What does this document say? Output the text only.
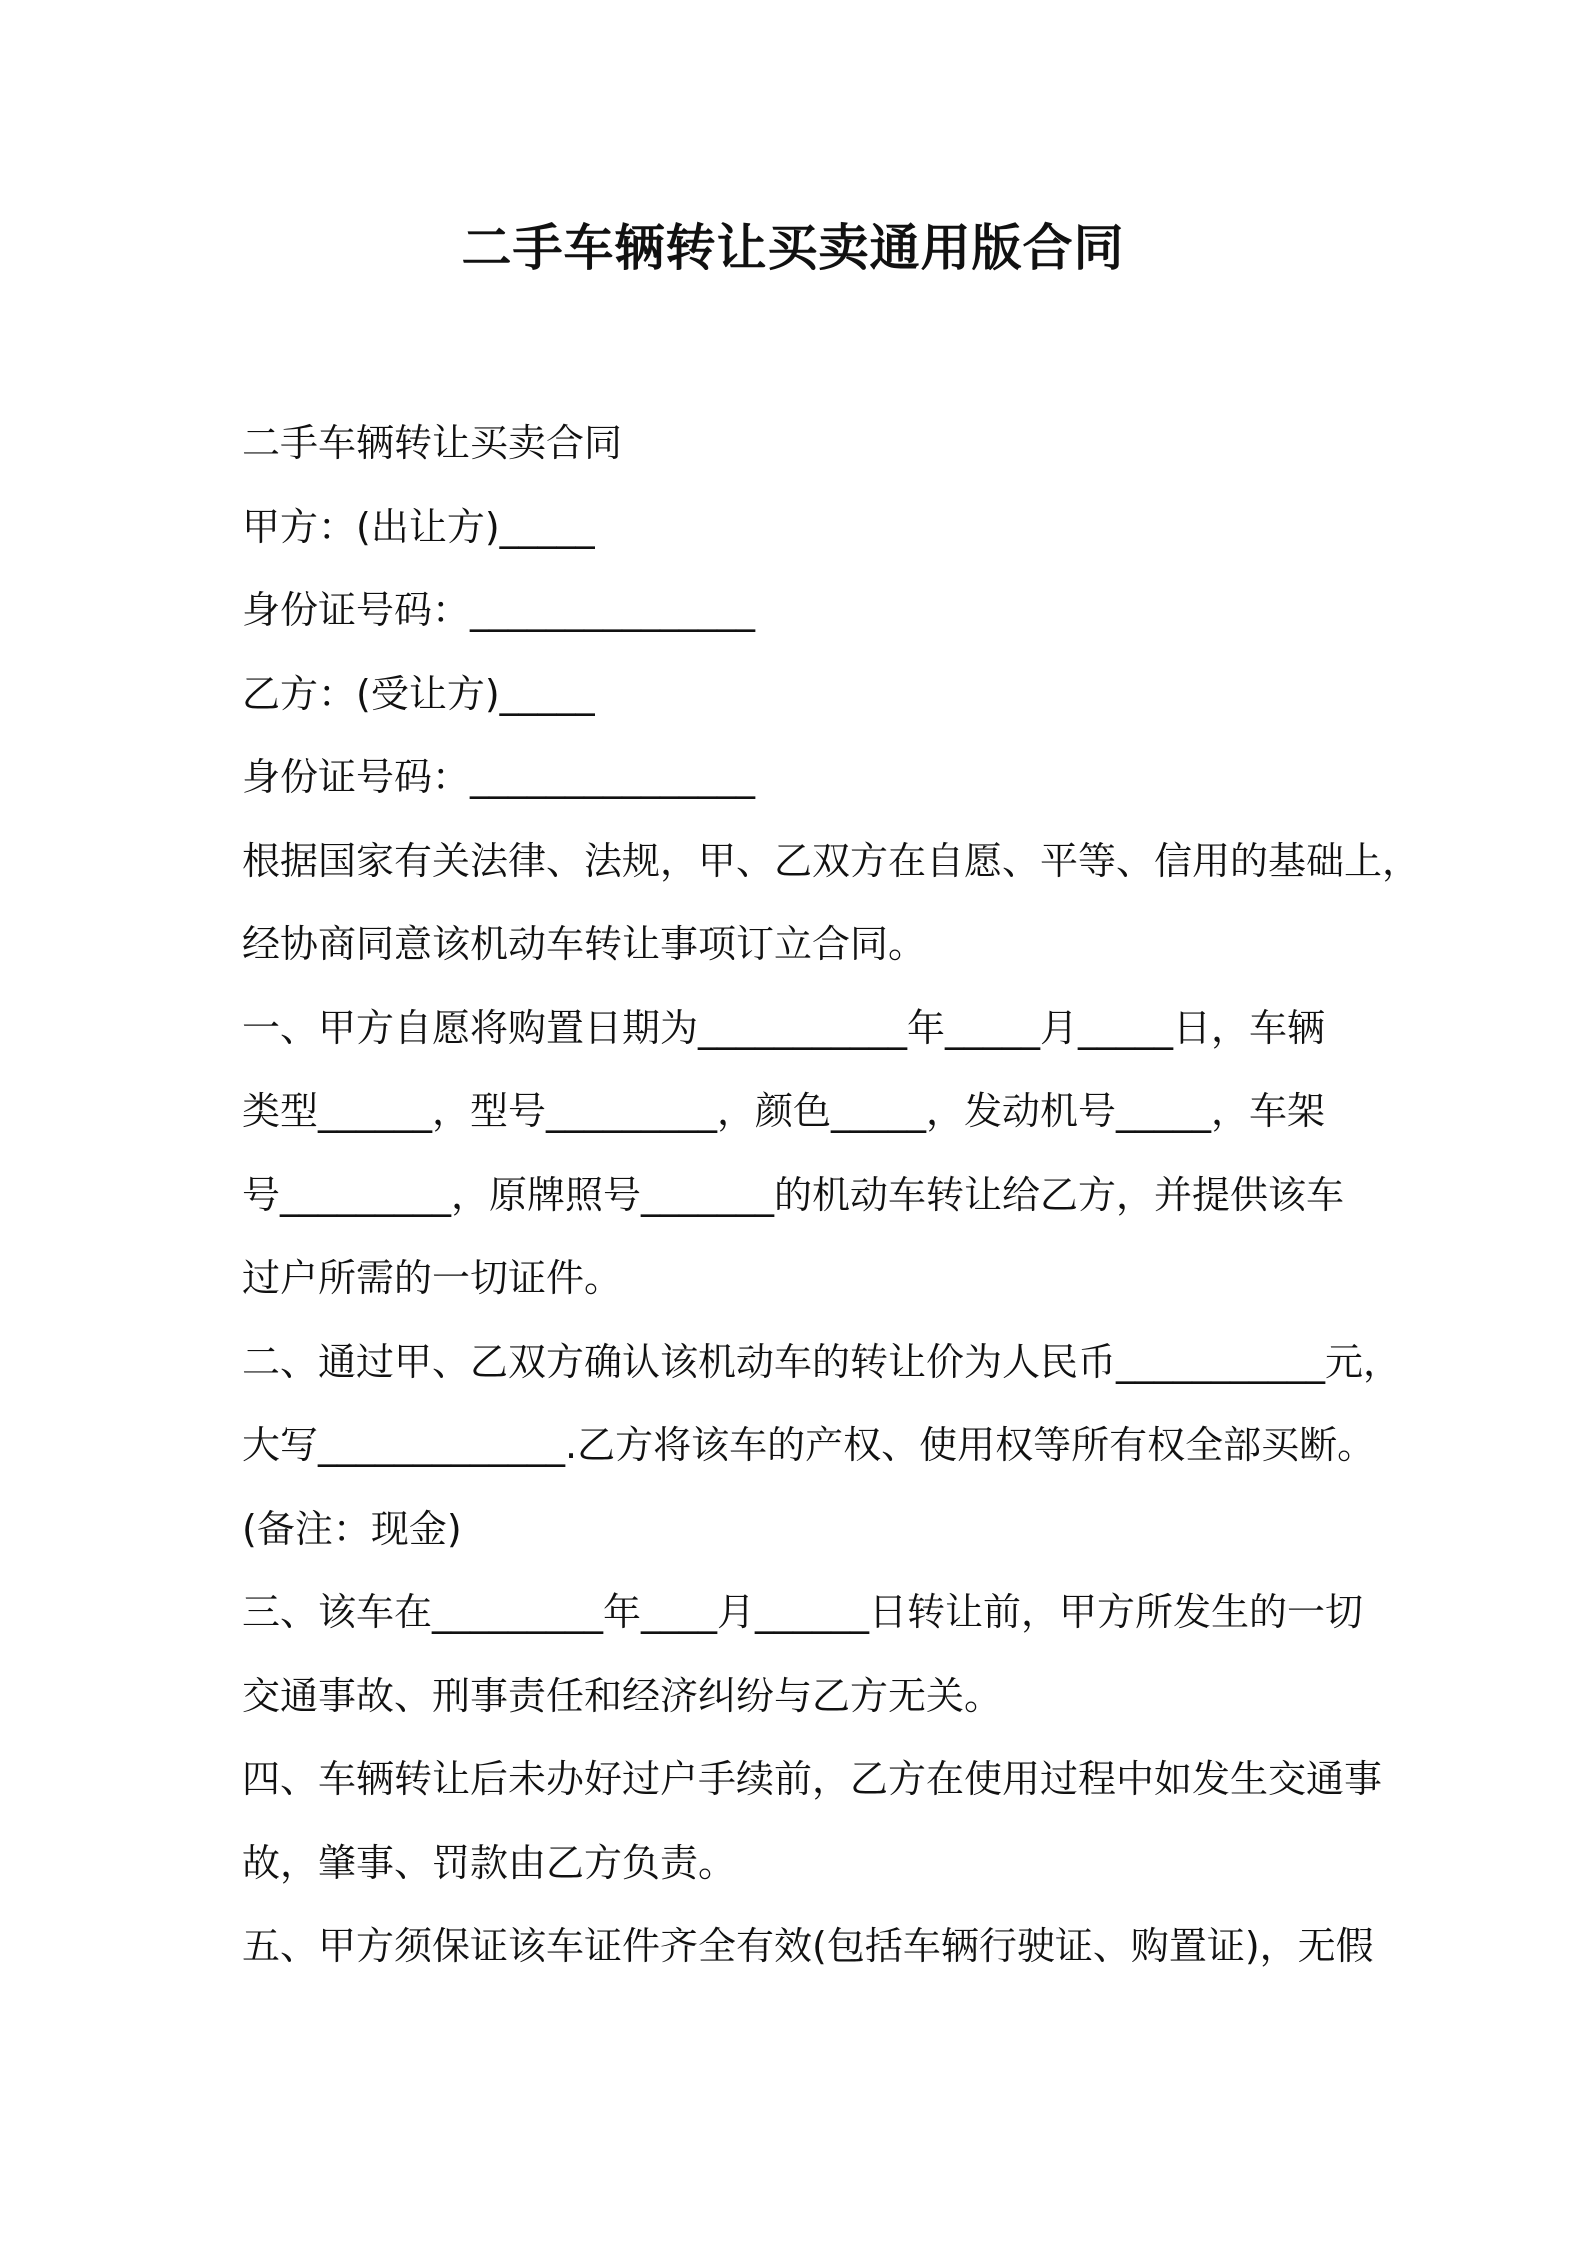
二手车辆转让买卖通用版合同

二手车辆转让买卖合同

甲方：(出让方)_____

身份证号码：_______________

乙方：(受让方)_____

身份证号码：_______________

根据国家有关法律、法规，甲、乙双方在自愿、平等、信用的基础上，

经协商同意该机动车转让事项订立合同。

一、甲方自愿将购置日期为___________年_____月_____日，车辆

类型______，型号_________，颜色_____，发动机号_____，车架

号_________，原牌照号_______的机动车转让给乙方，并提供该车

过户所需的一切证件。

二、通过甲、乙双方确认该机动车的转让价为人民币___________元，

大写_____________.乙方将该车的产权、使用权等所有权全部买断。

(备注：现金)

三、该车在_________年____月______日转让前，甲方所发生的一切

交通事故、刑事责任和经济纠纷与乙方无关。

四、车辆转让后未办好过户手续前，乙方在使用过程中如发生交通事

故，肇事、罚款由乙方负责。

五、甲方须保证该车证件齐全有效(包括车辆行驶证、购置证)，无假
